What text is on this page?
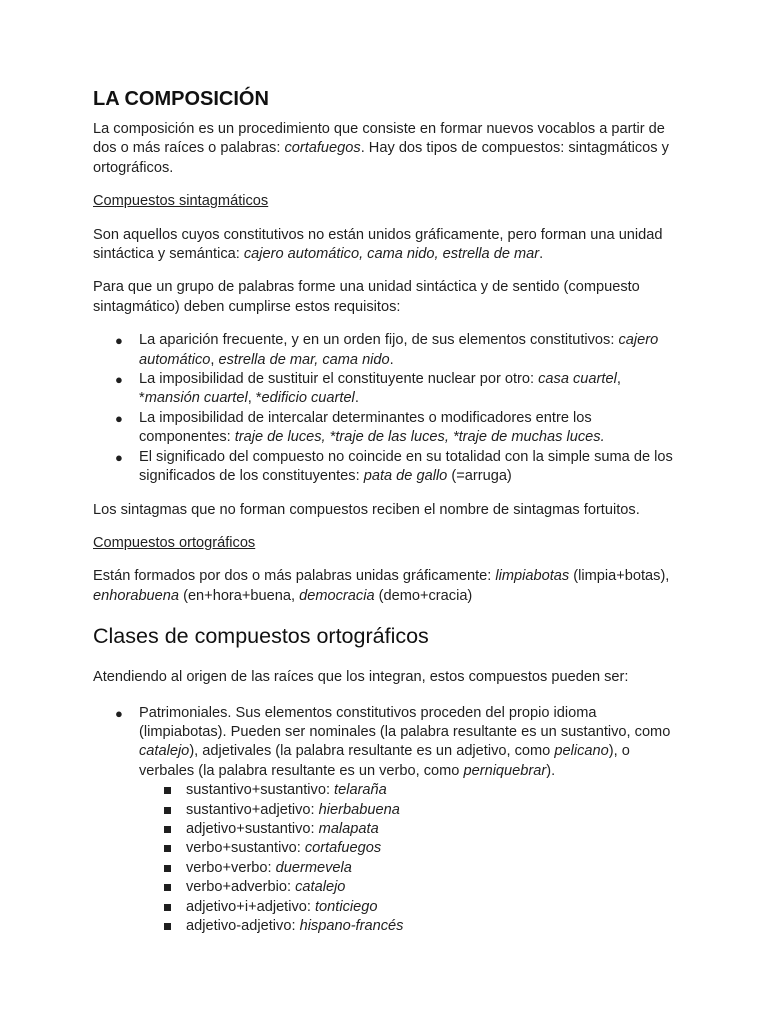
LA COMPOSICIÓN

La composición es un procedimiento que consiste en formar nuevos vocablos a partir de dos o más raíces o palabras: cortafuegos. Hay dos tipos de compuestos: sintagmáticos y ortográficos.

Compuestos sintagmáticos

Son aquellos cuyos constitutivos no están unidos gráficamente, pero forman una unidad sintáctica y semántica: cajero automático, cama nido, estrella de mar.

Para que un grupo de palabras forme una unidad sintáctica y de sentido (compuesto sintagmático) deben cumplirse estos requisitos:

● La aparición frecuente, y en un orden fijo, de sus elementos constitutivos: cajero automático, estrella de mar, cama nido.
● La imposibilidad de sustituir el constituyente nuclear por otro: casa cuartel, *mansión cuartel, *edificio cuartel.
● La imposibilidad de intercalar determinantes o modificadores entre los componentes: traje de luces, *traje de las luces, *traje de muchas luces.
● El significado del compuesto no coincide en su totalidad con la simple suma de los significados de los constituyentes: pata de gallo (=arruga)

Los sintagmas que no forman compuestos reciben el nombre de sintagmas fortuitos.

Compuestos ortográficos

Están formados por dos o más palabras unidas gráficamente: limpiabotas (limpia+botas), enhorabuena (en+hora+buena, democracia (demo+cracia)

Clases de compuestos ortográficos

Atendiendo al origen de las raíces que los integran, estos compuestos pueden ser:

● Patrimoniales. Sus elementos constitutivos proceden del propio idioma (limpiabotas). Pueden ser nominales (la palabra resultante es un sustantivo, como catalejo), adjetivales (la palabra resultante es un adjetivo, como pelicano), o verbales (la palabra resultante es un verbo, como perniquebrar).
sustantivo+sustantivo: telaraña
sustantivo+adjetivo: hierbabuena
adjetivo+sustantivo: malapata
verbo+sustantivo: cortafuegos
verbo+verbo: duermevela
verbo+adverbio: catalejo
adjetivo+i+adjetivo: tonticiego
adjetivo-adjetivo: hispano-francés
